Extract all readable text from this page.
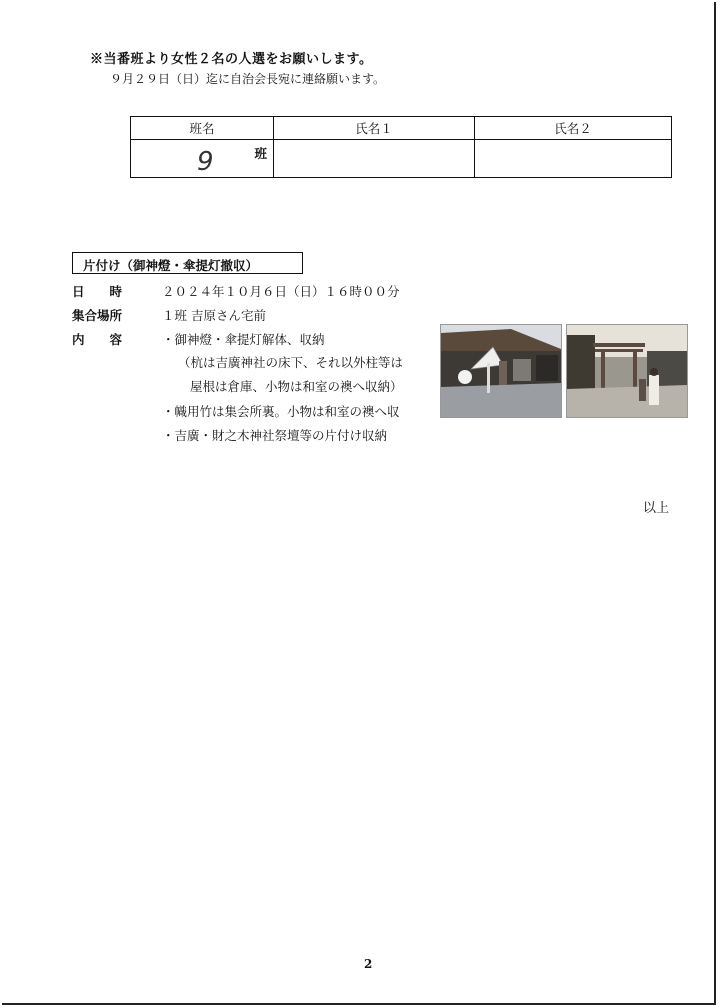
※当番班より女性２名の人選をお願いします。
９月２９日（日）迄に自治会長宛に連絡願います。
班名	氏名１	氏名２

9 班		

片付け（御神燈・傘提灯撤収）
日　　時	２０２４年１０月６日（日）１６時００分
集合場所	１班 吉原さん宅前
内　　容	・御神燈・傘提灯解体、収納
（杭は吉廣神社の床下、それ以外柱等は
屋根は倉庫、小物は和室の襖へ収納）
・幟用竹は集会所裏。小物は和室の襖へ収
・吉廣・財之木神社祭壇等の片付け収納
以上
2
